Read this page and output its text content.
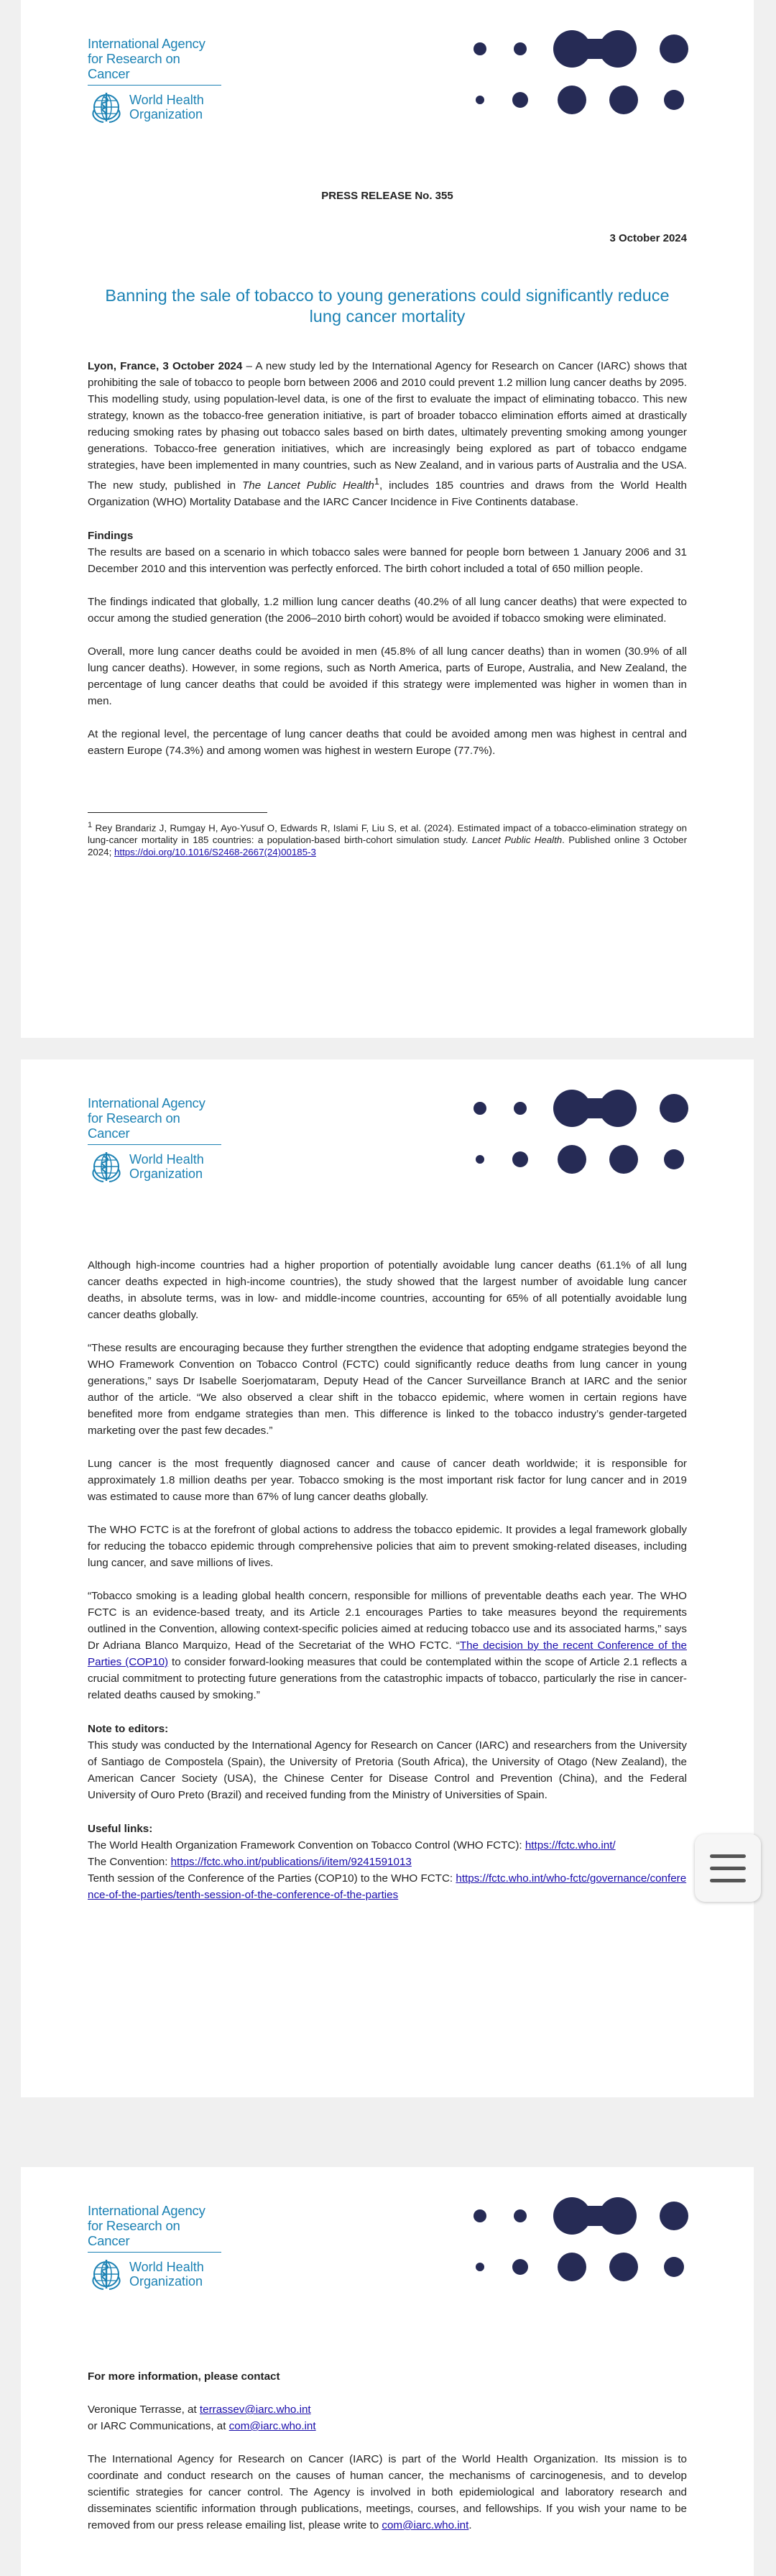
International Agency
for Research on Cancer
World Health
Organization
PRESS RELEASE No. 355
3 October 2024
Banning the sale of tobacco to young generations could significantly reduce lung cancer mortality

Lyon, France, 3 October 2024 – A new study led by the International Agency for Research on Cancer (IARC) shows that prohibiting the sale of tobacco to people born between 2006 and 2010 could prevent 1.2 million lung cancer deaths by 2095. This modelling study, using population-level data, is one of the first to evaluate the impact of eliminating tobacco. This new strategy, known as the tobacco-free generation initiative, is part of broader tobacco elimination efforts aimed at drastically reducing smoking rates by phasing out tobacco sales based on birth dates, ultimately preventing smoking among younger generations. Tobacco-free generation initiatives, which are increasingly being explored as part of tobacco endgame strategies, have been implemented in many countries, such as New Zealand, and in various parts of Australia and the USA. The new study, published in The Lancet Public Health$^1$, includes 185 countries and draws from the World Health Organization (WHO) Mortality Database and the IARC Cancer Incidence in Five Continents database.

Findings

The results are based on a scenario in which tobacco sales were banned for people born between 1 January 2006 and 31 December 2010 and this intervention was perfectly enforced. The birth cohort included a total of 650 million people.

The findings indicated that globally, 1.2 million lung cancer deaths (40.2% of all lung cancer deaths) that were expected to occur among the studied generation (the 2006–2010 birth cohort) would be avoided if tobacco smoking were eliminated.

Overall, more lung cancer deaths could be avoided in men (45.8% of all lung cancer deaths) than in women (30.9% of all lung cancer deaths). However, in some regions, such as North America, parts of Europe, Australia, and New Zealand, the percentage of lung cancer deaths that could be avoided if this strategy were implemented was higher in women than in men.

At the regional level, the percentage of lung cancer deaths that could be avoided among men was highest in central and eastern Europe (74.3%) and among women was highest in western Europe (77.7%).

$^1$ Rey Brandariz J, Rumgay H, Ayo-Yusuf O, Edwards R, Islami F, Liu S, et al. (2024). Estimated impact of a tobacco-elimination strategy on lung-cancer mortality in 185 countries: a population-based birth-cohort simulation study. Lancet Public Health. Published online 3 October 2024; https://doi.org/10.1016/S2468-2667(24)00185-3
International Agency
for Research on Cancer
World Health
Organization

Although high-income countries had a higher proportion of potentially avoidable lung cancer deaths (61.1% of all lung cancer deaths expected in high-income countries), the study showed that the largest number of avoidable lung cancer deaths, in absolute terms, was in low- and middle-income countries, accounting for 65% of all potentially avoidable lung cancer deaths globally.

“These results are encouraging because they further strengthen the evidence that adopting endgame strategies beyond the WHO Framework Convention on Tobacco Control (FCTC) could significantly reduce deaths from lung cancer in young generations,” says Dr Isabelle Soerjomataram, Deputy Head of the Cancer Surveillance Branch at IARC and the senior author of the article. “We also observed a clear shift in the tobacco epidemic, where women in certain regions have benefited more from endgame strategies than men. This difference is linked to the tobacco industry’s gender-targeted marketing over the past few decades.”

Lung cancer is the most frequently diagnosed cancer and cause of cancer death worldwide; it is responsible for approximately 1.8 million deaths per year. Tobacco smoking is the most important risk factor for lung cancer and in 2019 was estimated to cause more than 67% of lung cancer deaths globally.

The WHO FCTC is at the forefront of global actions to address the tobacco epidemic. It provides a legal framework globally for reducing the tobacco epidemic through comprehensive policies that aim to prevent smoking-related diseases, including lung cancer, and save millions of lives.

“Tobacco smoking is a leading global health concern, responsible for millions of preventable deaths each year. The WHO FCTC is an evidence-based treaty, and its Article 2.1 encourages Parties to take measures beyond the requirements outlined in the Convention, allowing context-specific policies aimed at reducing tobacco use and its associated harms,” says Dr Adriana Blanco Marquizo, Head of the Secretariat of the WHO FCTC. “The decision by the recent Conference of the Parties (COP10) to consider forward-looking measures that could be contemplated within the scope of Article 2.1 reflects a crucial commitment to protecting future generations from the catastrophic impacts of tobacco, particularly the rise in cancer-related deaths caused by smoking.”

Note to editors:

This study was conducted by the International Agency for Research on Cancer (IARC) and researchers from the University of Santiago de Compostela (Spain), the University of Pretoria (South Africa), the University of Otago (New Zealand), the American Cancer Society (USA), the Chinese Center for Disease Control and Prevention (China), and the Federal University of Ouro Preto (Brazil) and received funding from the Ministry of Universities of Spain.

Useful links:
The World Health Organization Framework Convention on Tobacco Control (WHO FCTC): https://fctc.who.int/
The Convention: https://fctc.who.int/publications/i/item/9241591013
Tenth session of the Conference of the Parties (COP10) to the WHO FCTC: https://fctc.who.int/who-fctc/governance/conference-of-the-parties/tenth-session-of-the-conference-of-the-parties
International Agency
for Research on Cancer
World Health
Organization
For more information, please contact
Veronique Terrasse, at terrassev@iarc.who.int
or IARC Communications, at com@iarc.who.int

The International Agency for Research on Cancer (IARC) is part of the World Health Organization. Its mission is to coordinate and conduct research on the causes of human cancer, the mechanisms of carcinogenesis, and to develop scientific strategies for cancer control. The Agency is involved in both epidemiological and laboratory research and disseminates scientific information through publications, meetings, courses, and fellowships. If you wish your name to be removed from our press release emailing list, please write to com@iarc.who.int.
